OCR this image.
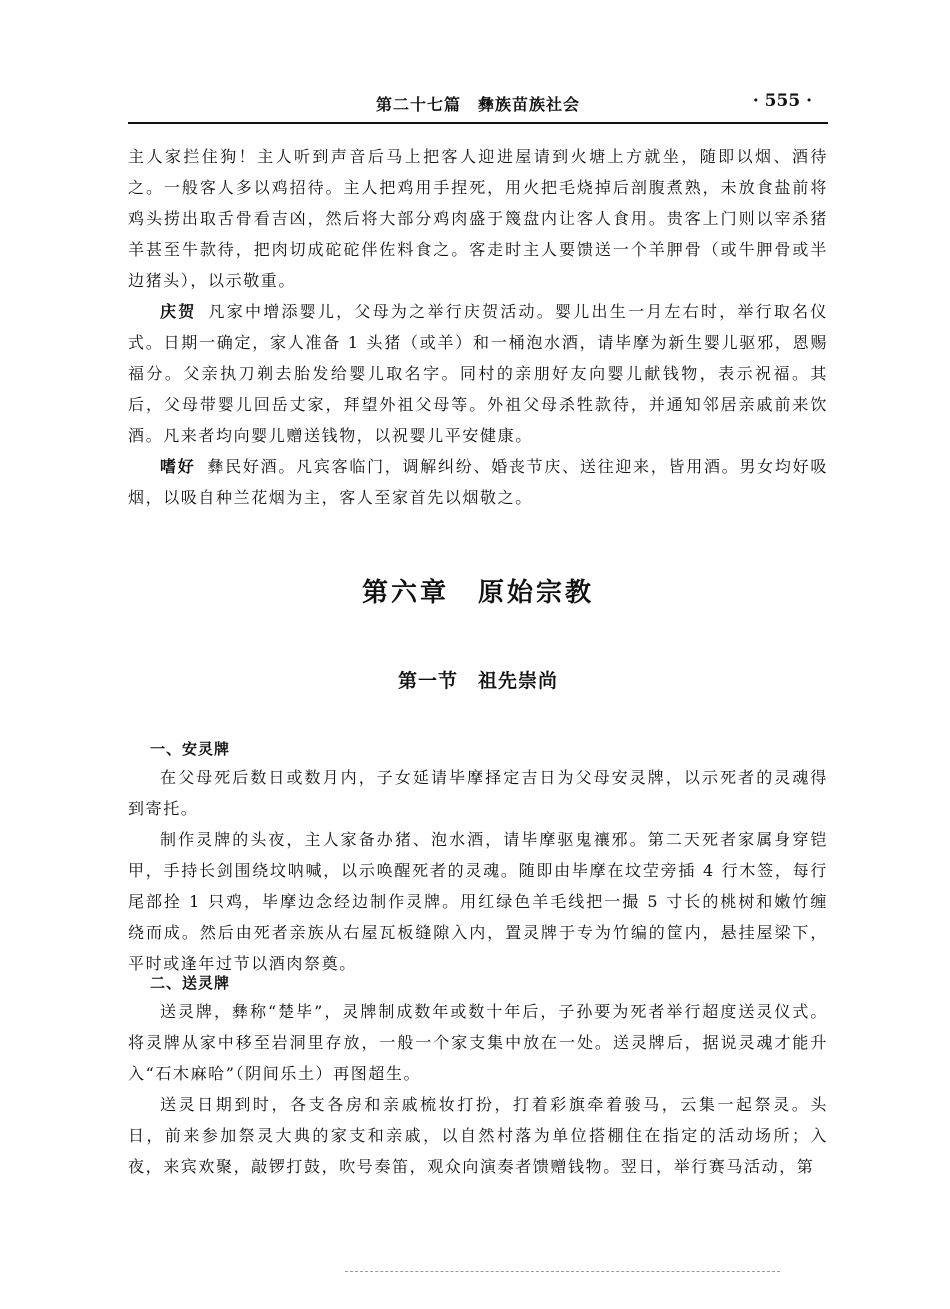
第二十七篇　彝族苗族社会	· 555 ·

主人家拦住狗！主人听到声音后马上把客人迎进屋请到火塘上方就坐，随即以烟、酒待之。一般客人多以鸡招待。主人把鸡用手捏死，用火把毛烧掉后剖腹煮熟，未放食盐前将鸡头捞出取舌骨看吉凶，然后将大部分鸡肉盛于篾盘内让客人食用。贵客上门则以宰杀猪羊甚至牛款待，把肉切成砣砣伴佐料食之。客走时主人要馈送一个羊胛骨（或牛胛骨或半边猪头），以示敬重。

庆贺 凡家中增添婴儿，父母为之举行庆贺活动。婴儿出生一月左右时，举行取名仪式。日期一确定，家人准备 1 头猪（或羊）和一桶泡水酒，请毕摩为新生婴儿驱邪，恩赐福分。父亲执刀剃去胎发给婴儿取名字。同村的亲朋好友向婴儿献钱物，表示祝福。其后，父母带婴儿回岳丈家，拜望外祖父母等。外祖父母杀牲款待，并通知邻居亲戚前来饮酒。凡来者均向婴儿赠送钱物，以祝婴儿平安健康。

嗜好 彝民好酒。凡宾客临门，调解纠纷、婚丧节庆、送往迎来，皆用酒。男女均好吸烟，以吸自种兰花烟为主，客人至家首先以烟敬之。

第六章　原始宗教
第一节　祖先崇尚
一、安灵牌

在父母死后数日或数月内，子女延请毕摩择定吉日为父母安灵牌，以示死者的灵魂得到寄托。

制作灵牌的头夜，主人家备办猪、泡水酒，请毕摩驱鬼禳邪。第二天死者家属身穿铠甲，手持长剑围绕坟呐喊，以示唤醒死者的灵魂。随即由毕摩在坟茔旁插 4 行木签，每行尾部拴 1 只鸡，毕摩边念经边制作灵牌。用红绿色羊毛线把一撮 5 寸长的桃树和嫩竹缠绕而成。然后由死者亲族从右屋瓦板缝隙入内，置灵牌于专为竹编的筐内，悬挂屋梁下，平时或逢年过节以酒肉祭奠。

二、送灵牌

送灵牌，彝称“楚毕”，灵牌制成数年或数十年后，子孙要为死者举行超度送灵仪式。将灵牌从家中移至岩洞里存放，一般一个家支集中放在一处。送灵牌后，据说灵魂才能升入“石木麻哈”（阴间乐土）再图超生。

送灵日期到时，各支各房和亲戚梳妆打扮，打着彩旗牵着骏马，云集一起祭灵。头日，前来参加祭灵大典的家支和亲戚，以自然村落为单位搭棚住在指定的活动场所；入夜，来宾欢聚，敲锣打鼓，吹号奏笛，观众向演奏者馈赠钱物。翌日，举行赛马活动，第
